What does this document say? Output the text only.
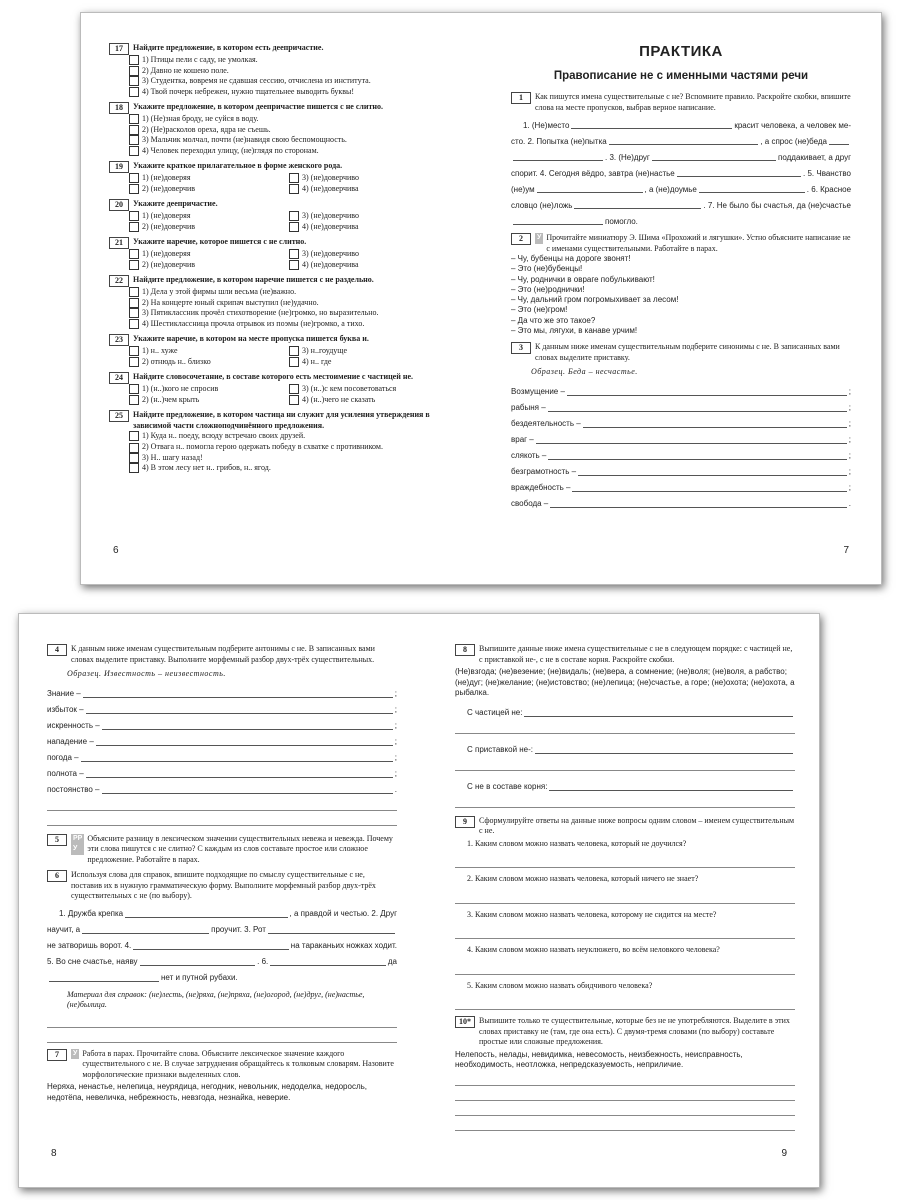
17	Найдите предложение, в котором есть деепричастие.
1) Птицы пели с саду, не умолкая.
2) Давно не кошено поле.
3) Студентка, вовремя не сдавшая сессию, отчислена из института.
4) Твой почерк небрежен, нужно тщательнее выводить буквы!
18	Укажите предложение, в котором деепричастие пишется с не слитно.
1) (Не)зная броду, не суйся в воду.
2) (Не)расколов ореха, ядра не съешь.
3) Мальчик молчал, почти (не)навидя свою беспомощность.
4) Человек переходил улицу, (не)глядя по сторонам.
19	Укажите краткое прилагательное в форме женского рода.
1) (не)доверяя	3) (не)доверчиво
2) (не)доверчив	4) (не)доверчива
20	Укажите деепричастие.
1) (не)доверяя	3) (не)доверчиво
2) (не)доверчив	4) (не)доверчива
21	Укажите наречие, которое пишется с не слитно.
1) (не)доверяя	3) (не)доверчиво
2) (не)доверчив	4) (не)доверчива
22	Найдите предложение, в котором наречие пишется с не раздельно.
1) Дела у этой фирмы шли весьма (не)важно.
2) На концерте юный скрипач выступил (не)удачно.
3) Пятиклассник прочёл стихотворение (не)громко, но выразительно.
4) Шестиклассница прочла отрывок из поэмы (не)громко, а тихо.
23	Укажите наречие, в котором на месте пропуска пишется буква и.
1) н.. хуже	3) н..гоудуще
2) отнюдь н.. близко	4) н.. где
24	Найдите словосочетание, в составе которого есть местоимение с частицей не.
1) (н..)кого не спросив	3) (н..)с кем посоветоваться
2) (н..)чем крыть	4) (н..)чего не сказать
25	Найдите предложение, в котором частица ни служит для усиления утверждения в зависимой части сложноподчинённого предложения.
1) Куда н.. поеду, всюду встречаю своих друзей.
2) Отвага н.. помогла герою одержать победу в схватке с противником.
3) Н.. шагу назад!
4) В этом лесу нет н.. грибов, н.. ягод.
6
ПРАКТИКА
Правописание не с именными частями речи
1	Как пишутся имена существительные с не? Вспомните правило. Раскройте скобки, впишите слова на месте пропусков, выбрав верное написание.
1. (Не)место	красит человека, а человек ме-
сто. 2. Попытка (не)пытка	, а спрос (не)беда
. 3. (Не)друг	поддакивает, а друг
спорит. 4. Сегодня вёдро, завтра (не)настье	. 5. Чванство
(не)ум	, а (не)доумье	. 6. Красное
словцо (не)ложь	. 7. Не было бы счастья, да (не)счастье
помогло.
2	У Прочитайте миниатюру Э. Шима «Прохожий и лягушки». Устно объясните написание не с именами существительными. Работайте в парах.
– Чу, бубенцы на дороге звонят!
– Это (не)бубенцы!
– Чу, роднички в овраге побулькивают!
– Это (не)роднички!
– Чу, дальний гром погромыхивает за лесом!
– Это (не)гром!
– Да что же это такое?
– Это мы, лягухи, в канаве урчим!
3	К данным ниже именам существительным подберите синонимы с не. В записанных вами словах выделите приставку.
Образец. Беда – несчастье.
Возмущение –	;
рабыня –	;
бездеятельность –	;
враг –	;
слякоть –	;
безграмотность –	;
враждебность –	;
свобода –	.
7
4	К данным ниже именам существительным подберите антонимы с не. В записанных вами словах выделите приставку. Выполните морфемный разбор двух-трёх существительных.
Образец. Известность – неизвестность.
Знание –	;
избыток –	;
искренность –	;
нападение –	;
погода –	;
полнота –	;
постоянство –	.
5	РР У
Объясните разницу в лексическом значении существительных невежа и невежда. Почему эти слова пишутся с не слитно? С каждым из слов составьте простое или сложное предложение. Работайте в парах.
6	Используя слова для справок, впишите подходящие по смыслу существительные с не, поставив их в нужную грамматическую форму. Выполните морфемный разбор двух-трёх существительных с не (по выбору).
1. Дружба крепка	, а правдой и честью. 2. Друг
научит, а	проучит. 3. Рот
не затворишь ворот. 4.	на тараканьих ножках ходит.
5. Во сне счастье, наяву	. 6.	да
нет и путной рубахи.
Материал для справок: (не)лесть, (не)ряха, (не)пряха, (не)огород, (не)друг, (не)настье, (не)былица.
7	У Работа в парах. Прочитайте слова. Объясните лексическое значение каждого существительного с не. В случае затруднения обращайтесь к толковым словарям. Назовите морфологические признаки выделенных слов.
Неряха, ненастье, нелепица, неурядица, негодник, невольник, недоделка, недоросль, недотёпа, невеличка, небрежность, невзгода, незнайка, неверие.
8
8	Выпишите данные ниже имена существительные с не в следующем порядке: с частицей не, с приставкой не-, с не в составе корня. Раскройте скобки.
(Не)взгода; (не)везение; (не)видаль; (не)вера, а сомнение; (не)воля; (не)воля, а рабство; (не)дуг; (не)желание; (не)истовство; (не)лепица; (не)счастье, а горе; (не)охота; (не)охота, а рыбалка.
С частицей не:
С приставкой не-:
С не в составе корня:
9	Сформулируйте ответы на данные ниже вопросы одним словом – именем существительным с не.
1. Каким словом можно назвать человека, который не доучился?
2. Каким словом можно назвать человека, который ничего не знает?
3. Каким словом можно назвать человека, которому не сидится на месте?
4. Каким словом можно назвать неуклюжего, во всём неловкого человека?
5. Каким словом можно назвать обидчивого человека?
10*	Выпишите только те существительные, которые без не не употребляются. Выделите в этих словах приставку не (там, где она есть). С двумя-тремя словами (по выбору) составьте простые или сложные предложения.
Нелепость, нелады, невидимка, невесомость, неизбежность, неисправность, необходимость, неотложка, непредсказуемость, неприличие.
9
